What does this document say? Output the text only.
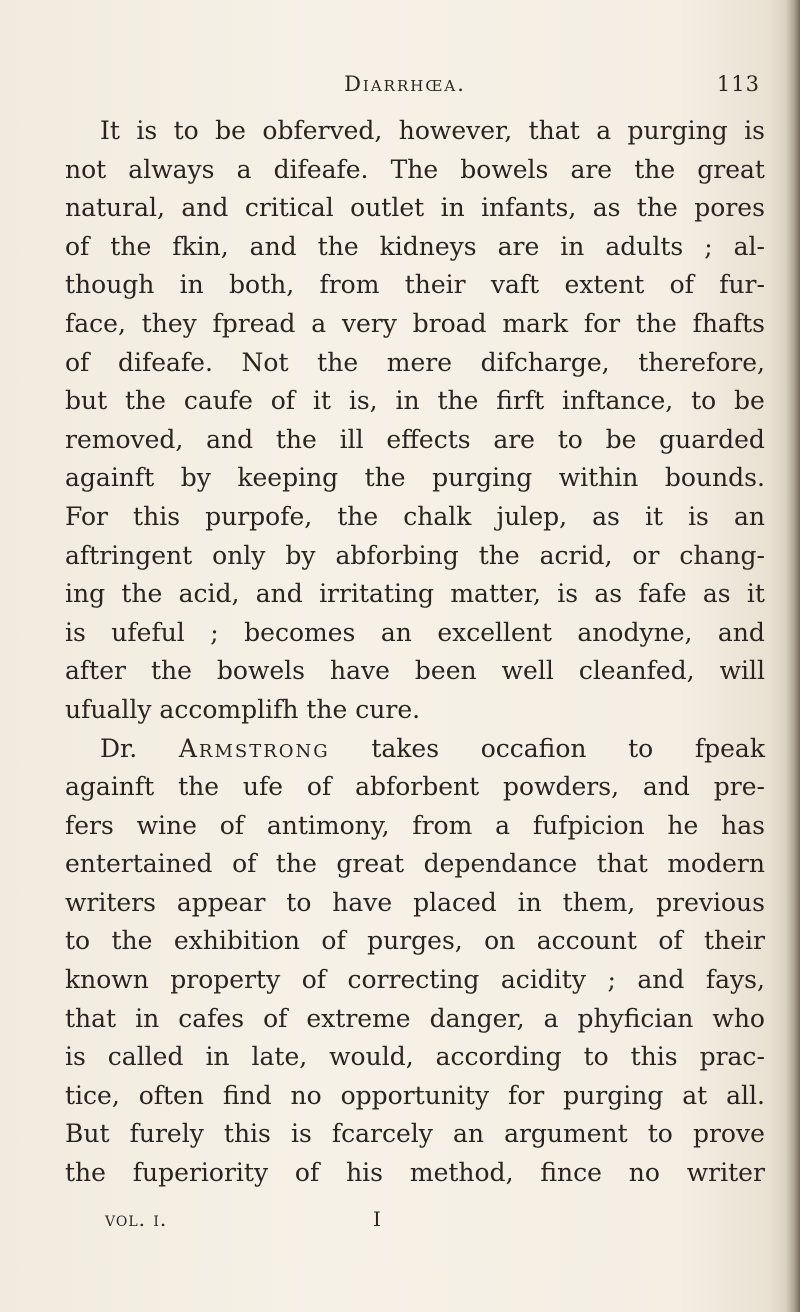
Diarrhœa.	113
It is to be obferved, however, that a purging is
not always a difeafe. The bowels are the great
natural, and critical outlet in infants, as the pores
of the fkin, and the kidneys are in adults ; al-
though in both, from their vaft extent of fur-
face, they fpread a very broad mark for the fhafts
of difeafe. Not the mere difcharge, therefore,
but the caufe of it is, in the firft inftance, to be
removed, and the ill effects are to be guarded
againft by keeping the purging within bounds.
For this purpofe, the chalk julep, as it is an
aftringent only by abforbing the acrid, or chang-
ing the acid, and irritating matter, is as fafe as it
is ufeful ; becomes an excellent anodyne, and
after the bowels have been well cleanfed, will
ufually accomplifh the cure.
Dr. Armstrong takes occafion to fpeak
againft the ufe of abforbent powders, and pre-
fers wine of antimony, from a fufpicion he has
entertained of the great dependance that modern
writers appear to have placed in them, previous
to the exhibition of purges, on account of their
known property of correcting acidity ; and fays,
that in cafes of extreme danger, a phyfician who
is called in late, would, according to this prac-
tice, often find no opportunity for purging at all.
But furely this is fcarcely an argument to prove
the fuperiority of his method, fince no writer
vol. i.	I
